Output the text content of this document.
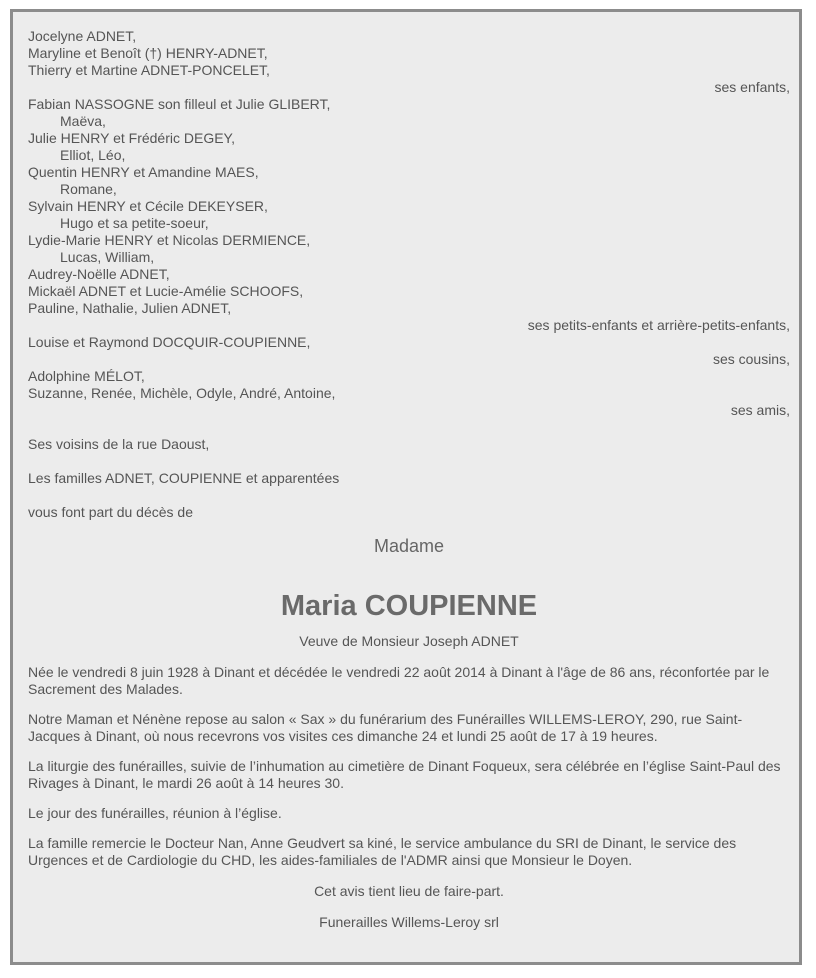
Jocelyne ADNET,
Maryline et Benoît (†) HENRY-ADNET,
Thierry et Martine ADNET-PONCELET,
ses enfants,
Fabian NASSOGNE son filleul et Julie GLIBERT,
Maëva,
Julie HENRY et Frédéric DEGEY,
Elliot, Léo,
Quentin HENRY et Amandine MAES,
Romane,
Sylvain HENRY et Cécile DEKEYSER,
Hugo et sa petite-soeur,
Lydie-Marie HENRY et Nicolas DERMIENCE,
Lucas, William,
Audrey-Noëlle ADNET,
Mickaël ADNET et Lucie-Amélie SCHOOFS,
Pauline, Nathalie, Julien ADNET,
ses petits-enfants et arrière-petits-enfants,
Louise et Raymond DOCQUIR-COUPIENNE,
ses cousins,
Adolphine MÉLOT,
Suzanne, Renée, Michèle, Odyle, André, Antoine,
ses amis,
Ses voisins de la rue Daoust,
Les familles ADNET, COUPIENNE et apparentées
vous font part du décès de
Madame
Maria COUPIENNE
Veuve de Monsieur Joseph ADNET
Née le vendredi 8 juin 1928 à Dinant et décédée le vendredi 22 août 2014 à Dinant à l'âge de 86 ans, réconfortée par le Sacrement des Malades.
Notre Maman et Nénène repose au salon « Sax » du funérarium des Funérailles WILLEMS-LEROY, 290, rue Saint-Jacques à Dinant, où nous recevrons vos visites ces dimanche 24 et lundi 25 août de 17 à 19 heures.
La liturgie des funérailles, suivie de l’inhumation au cimetière de Dinant Foqueux, sera célébrée en l’église Saint-Paul des Rivages à Dinant, le mardi 26 août à 14 heures 30.
Le jour des funérailles, réunion à l’église.
La famille remercie le Docteur Nan, Anne Geudvert sa kiné, le service ambulance du SRI de Dinant, le service des Urgences et de Cardiologie du CHD, les aides-familiales de l'ADMR ainsi que Monsieur le Doyen.
Cet avis tient lieu de faire-part.
Funerailles Willems-Leroy srl
